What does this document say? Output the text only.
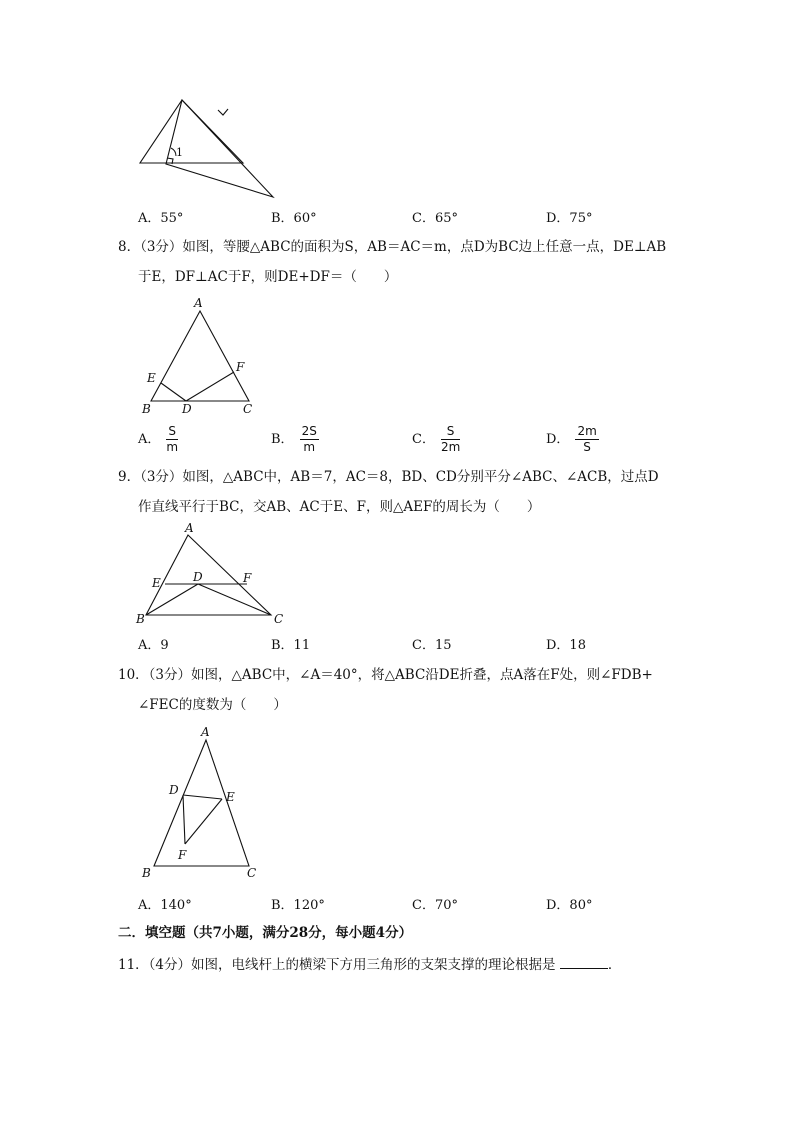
1
A．55°	B．60°	C．65°	D．75°
8．（3分）如图，等腰△ABC的面积为S，AB＝AC＝m，点D为BC边上任意一点，DE⊥AB
于E，DF⊥AC于F，则DE+DF＝（　　）
A
B	C
D
E
F
A． $\frac{S}{m}$	B． $\frac{2S}{m}$	C． $\frac{S}{2m}$	D． $\frac{2m}{S}$
9．（3分）如图，△ABC中，AB＝7，AC＝8，BD、CD分别平分∠ABC、∠ACB，过点D
作直线平行于BC，交AB、AC于E、F，则△AEF的周长为（　　）
A
B	C
D
E	F
A．9	B．11	C．15	D．18
10．（3分）如图，△ABC中，∠A＝40°，将△ABC沿DE折叠，点A落在F处，则∠FDB+
∠FEC的度数为（　　）
A
B	C
D	E
F
A．140°	B．120°	C．70°	D．80°
二．填空题（共7小题，满分28分，每小题4分）
11．（4分）如图，电线杆上的横梁下方用三角形的支架支撑的理论根据是	．
